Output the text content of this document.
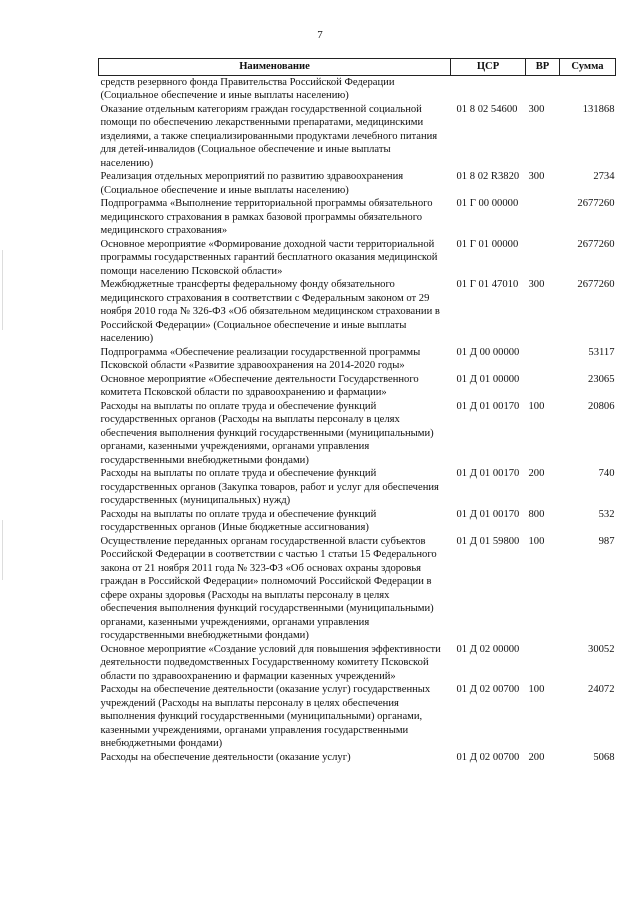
7
Наименование	ЦСР	ВР	Сумма
средств резервного фонда Правительства Российской Федерации (Социальное обеспечение и иные выплаты населению)			
Оказание отдельным категориям граждан государственной социальной помощи по обеспечению лекарственными препаратами, медицинскими изделиями, а также специализированными продуктами лечебного питания для детей-инвалидов (Социальное обеспечение и иные выплаты населению)	01 8 02 54600	300	131868
Реализация отдельных мероприятий по развитию здравоохранения (Социальное обеспечение и иные выплаты населению)	01 8 02 R3820	300	2734
Подпрограмма «Выполнение территориальной программы обязательного медицинского страхования в рамках базовой программы обязательного медицинского страхования»	01 Г 00 00000		2677260
Основное мероприятие «Формирование доходной части территориальной программы государственных гарантий бесплатного оказания медицинской помощи населению Псковской области»	01 Г 01 00000		2677260
Межбюджетные трансферты федеральному фонду обязательного медицинского страхования в соответствии с Федеральным законом от 29 ноября 2010 года № 326-ФЗ «Об обязательном медицинском страховании в Российской Федерации» (Социальное обеспечение и иные выплаты населению)	01 Г 01 47010	300	2677260
Подпрограмма «Обеспечение реализации государственной программы Псковской области «Развитие здравоохранения на 2014-2020 годы»	01 Д 00 00000		53117
Основное мероприятие «Обеспечение деятельности Государственного комитета Псковской области по здравоохранению и фармации»	01 Д 01 00000		23065
Расходы на выплаты по оплате труда и обеспечение функций государственных органов (Расходы на выплаты персоналу в целях обеспечения выполнения функций государственными (муниципальными) органами, казенными учреждениями, органами управления государственными внебюджетными фондами)	01 Д 01 00170	100	20806
Расходы на выплаты по оплате труда и обеспечение функций государственных органов (Закупка товаров, работ и услуг для обеспечения государственных (муниципальных) нужд)	01 Д 01 00170	200	740
Расходы на выплаты по оплате труда и обеспечение функций государственных органов (Иные бюджетные ассигнования)	01 Д 01 00170	800	532
Осуществление переданных органам государственной власти субъектов Российской Федерации в соответствии с частью 1 статьи 15 Федерального закона от 21 ноября 2011 года № 323-ФЗ «Об основах охраны здоровья граждан в Российской Федерации» полномочий Российской Федерации в сфере охраны здоровья (Расходы на выплаты персоналу в целях обеспечения выполнения функций государственными (муниципальными) органами, казенными учреждениями, органами управления государственными внебюджетными фондами)	01 Д 01 59800	100	987
Основное мероприятие «Создание условий для повышения эффективности деятельности подведомственных Государственному комитету Псковской области по здравоохранению и фармации казенных учреждений»	01 Д 02 00000		30052
Расходы на обеспечение деятельности (оказание услуг) государственных учреждений (Расходы на выплаты персоналу в целях обеспечения выполнения функций государственными (муниципальными) органами, казенными учреждениями, органами управления государственными внебюджетными фондами)	01 Д 02 00700	100	24072
Расходы на обеспечение деятельности (оказание услуг)	01 Д 02 00700	200	5068
